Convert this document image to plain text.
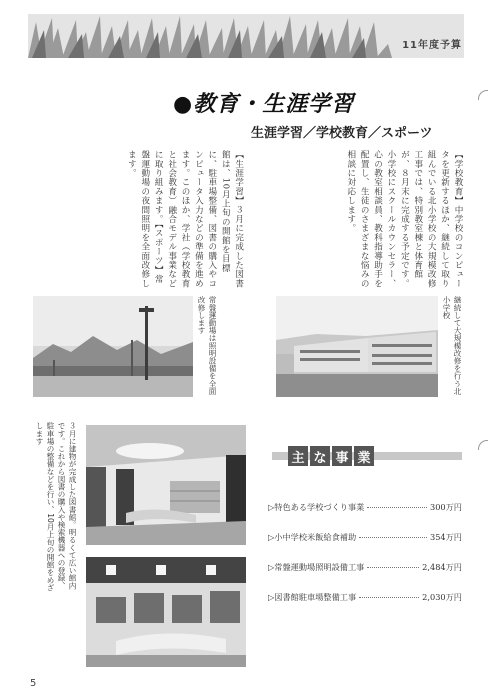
11年度予算
●教育・生涯学習
生涯学習／学校教育／スポーツ
【学校教育】中学校のコンピュータを更新するほか、継続して取り組んでいる北小学校の大規模改修工事では、特別教室棟と体育館が、８月末に完成する予定です。小学校にスクールカウンセラー、心の教室相談員、教科指導助手を配置し、生徒のさまざまな悩みの相談に対応します。
【生涯学習】３月に完成した図書館は、10月上旬の開館を目標に、駐車場整備、図書の購入やコンピュータ入力などの準備を進めます。このほか、学社（学校教育と社会教育）融合モデル事業などに取り組みます。【スポーツ】常盤運動場の夜間照明を全面改修します。
常盤運動場は照明設備を全面改修します	継続して大規模改修を行う北小学校
３月に建物が完成した図書館。明るくて広い館内です。これから図書の購入や検索機器への登録、駐車場の整備などを行い、10月上旬の開館をめざします
主 な 事 業
▷特色ある学校づくり事業	300万円
▷小中学校米飯給食補助	354万円
▷常盤運動場照明設備工事	2,484万円
▷図書館駐車場整備工事	2,030万円
5
